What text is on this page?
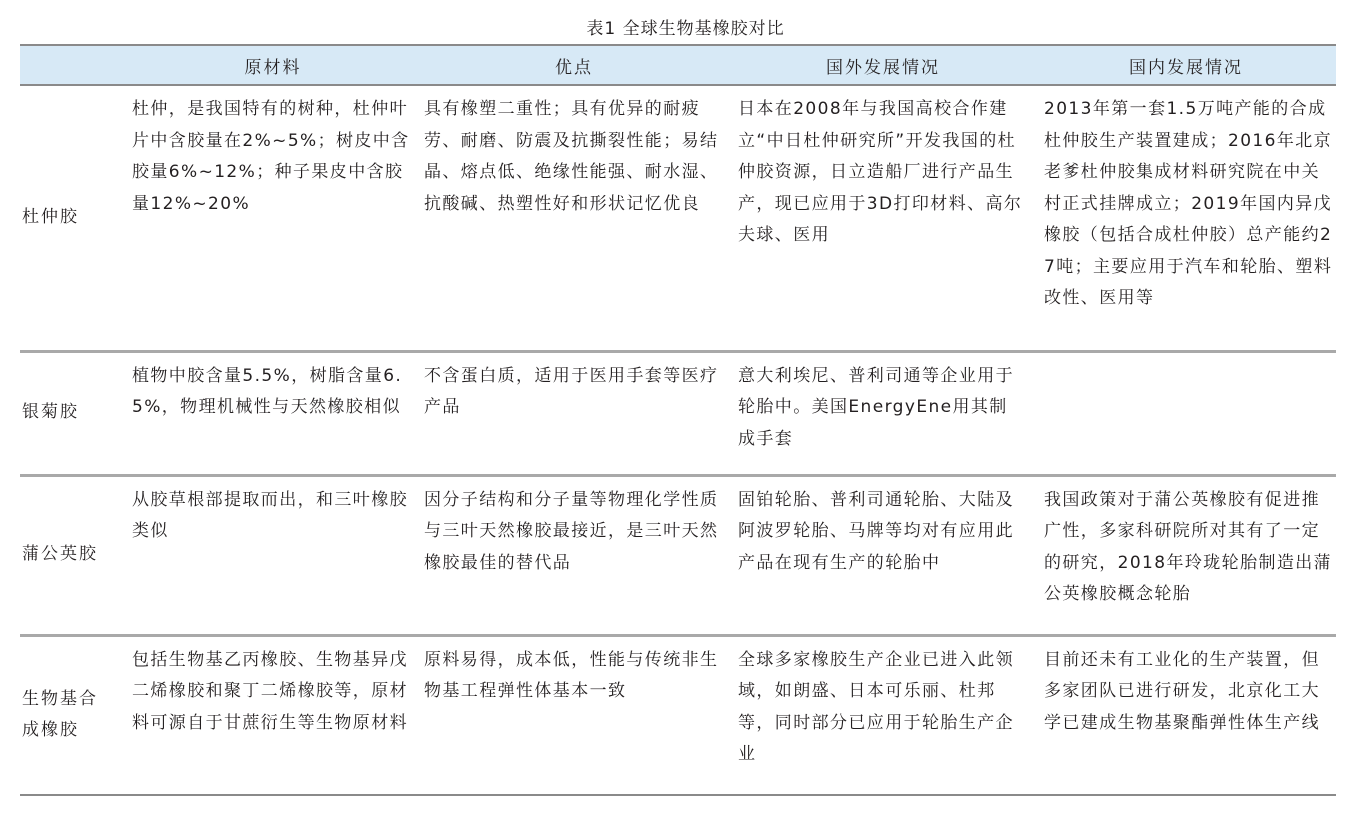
表1 全球生物基橡胶对比
	原材料	优点	国外发展情况	国内发展情况
杜仲胶	杜仲，是我国特有的树种，杜仲叶片中含胶量在2%~5%；树皮中含胶量6%~12%；种子果皮中含胶量12%~20%	具有橡塑二重性；具有优异的耐疲劳、耐磨、防震及抗撕裂性能；易结晶、熔点低、绝缘性能强、耐水湿、抗酸碱、热塑性好和形状记忆优良	日本在2008年与我国高校合作建立“中日杜仲研究所”开发我国的杜仲胶资源，日立造船厂进行产品生产，现已应用于3D打印材料、高尔夫球、医用	2013年第一套1.5万吨产能的合成杜仲胶生产装置建成；2016年北京老爹杜仲胶集成材料研究院在中关村正式挂牌成立；2019年国内异戊橡胶（包括合成杜仲胶）总产能约27吨；主要应用于汽车和轮胎、塑料改性、医用等
银菊胶	植物中胶含量5.5%，树脂含量6.5%，物理机械性与天然橡胶相似	不含蛋白质，适用于医用手套等医疗产品	意大利埃尼、普利司通等企业用于轮胎中。美国EnergyEne用其制成手套	
蒲公英胶	从胶草根部提取而出，和三叶橡胶类似	因分子结构和分子量等物理化学性质与三叶天然橡胶最接近，是三叶天然橡胶最佳的替代品	固铂轮胎、普利司通轮胎、大陆及阿波罗轮胎、马牌等均对有应用此产品在现有生产的轮胎中	我国政策对于蒲公英橡胶有促进推广性，多家科研院所对其有了一定的研究，2018年玲珑轮胎制造出蒲公英橡胶概念轮胎
生物基合成橡胶	包括生物基乙丙橡胶、生物基异戊二烯橡胶和聚丁二烯橡胶等，原材料可源自于甘蔗衍生等生物原材料	原料易得，成本低，性能与传统非生物基工程弹性体基本一致	全球多家橡胶生产企业已进入此领域，如朗盛、日本可乐丽、杜邦等，同时部分已应用于轮胎生产企业	目前还未有工业化的生产装置，但多家团队已进行研发，北京化工大学已建成生物基聚酯弹性体生产线
